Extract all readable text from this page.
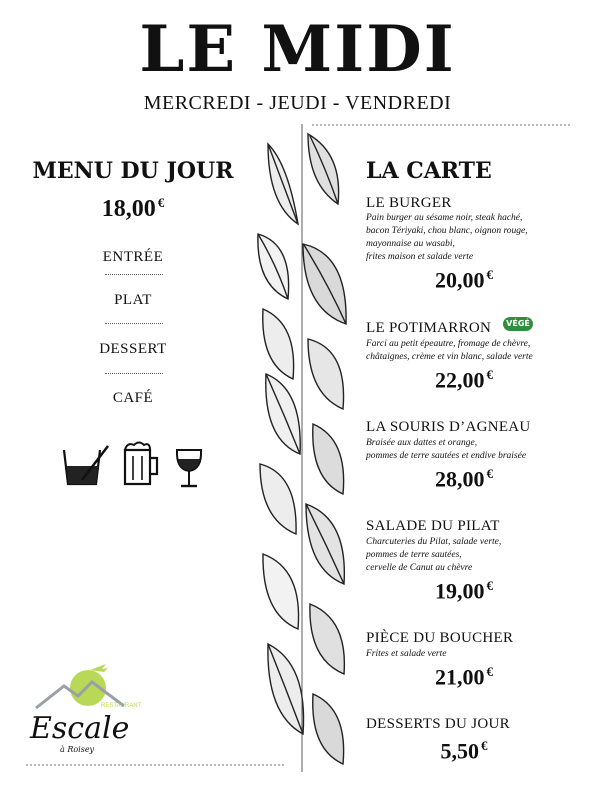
LE MIDI
MERCREDI - JEUDI - VENDREDI
MENU DU JOUR
18,00 €
ENTRÉE
PLAT
DESSERT
CAFÉ
RESTAURANT
Escale
à Roisey
LA CARTE
LE BURGER
Pain burger au sésame noir, steak haché,
bacon Tériyaki, chou blanc, oignon rouge,
mayonnaise au wasabi,
frites maison et salade verte
20,00 €
LE POTIMARRON	VÉGÉ
Farci au petit épeautre, fromage de chèvre,
châtaignes, crème et vin blanc, salade verte
22,00 €
LA SOURIS D’AGNEAU
Braisée aux dattes et orange,
pommes de terre sautées et endive braisée
28,00 €
SALADE DU PILAT
Charcuteries du Pilat, salade verte,
pommes de terre sautées,
cervelle de Canut au chèvre
19,00 €
PIÈCE DU BOUCHER
Frites et salade verte
21,00 €
DESSERTS DU JOUR
5,50 €
